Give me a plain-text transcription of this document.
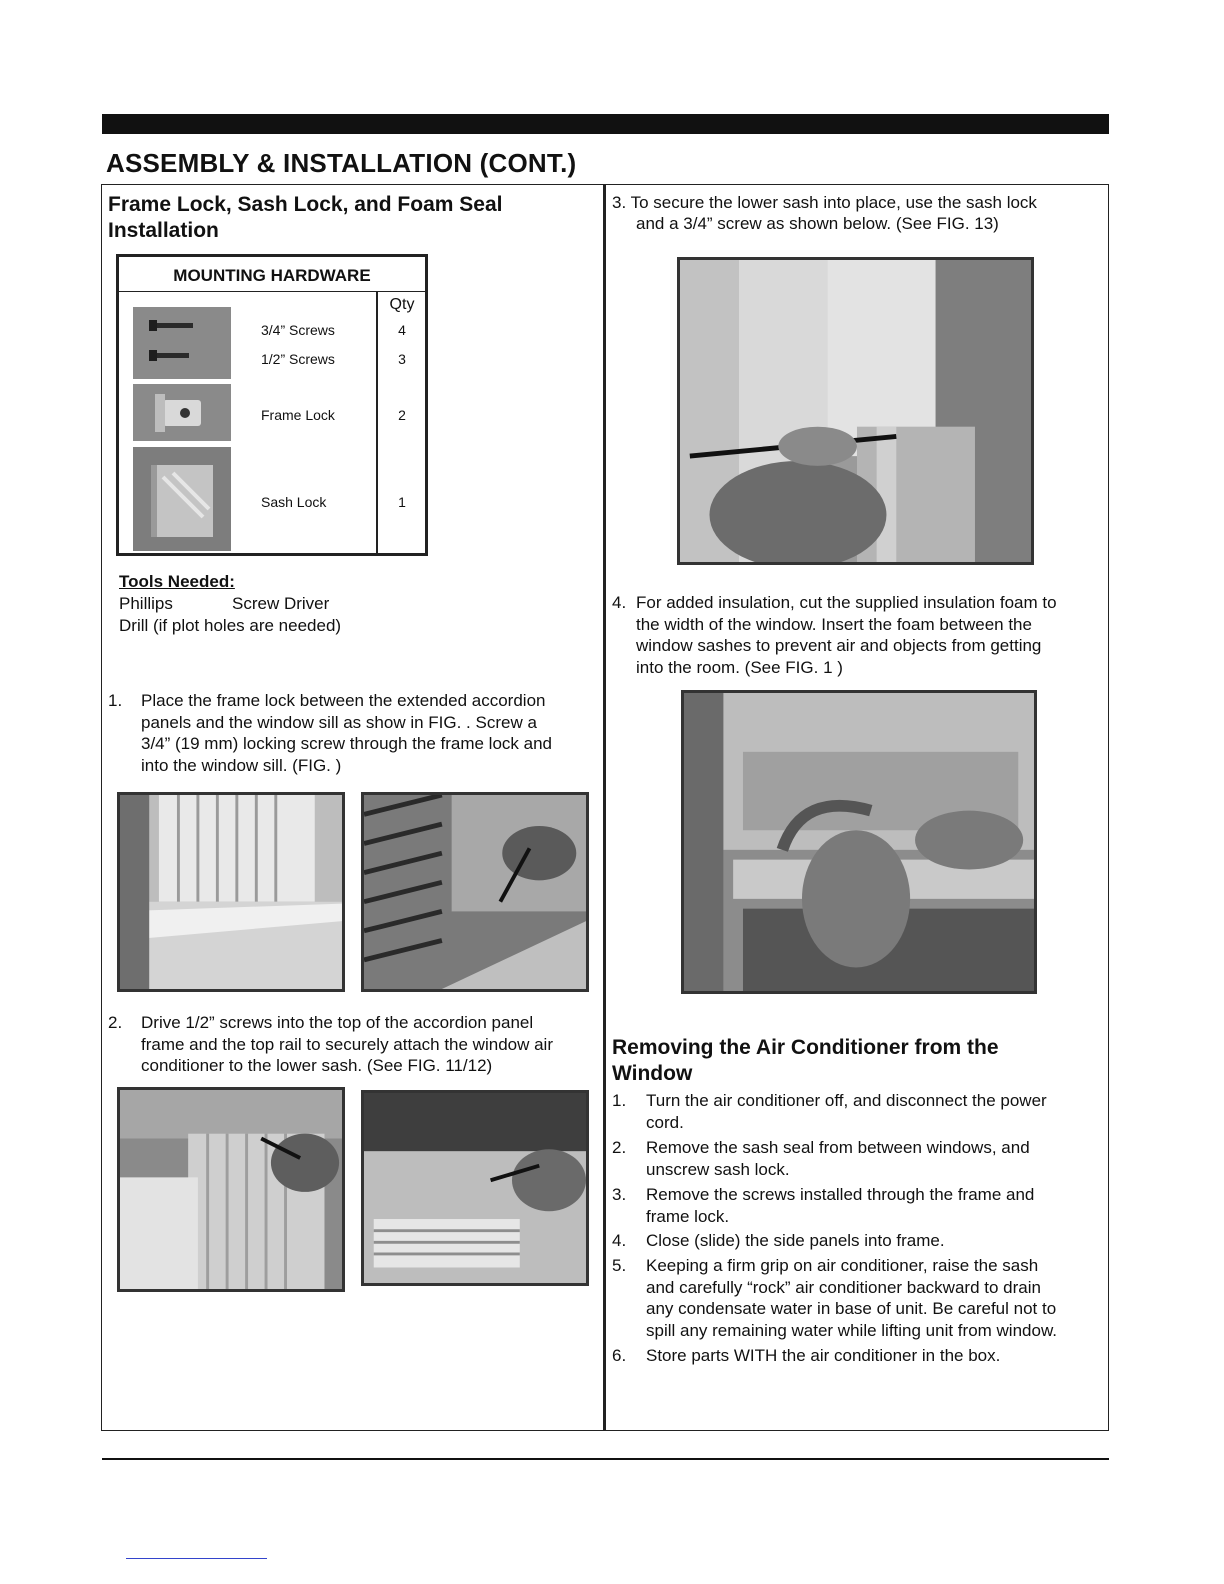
ASSEMBLY & INSTALLATION (CONT.)
Frame Lock, Sash Lock, and Foam Seal
Installation
MOUNTING HARDWARE
Qty
3/4” Screws	4
1/2” Screws	3
Frame Lock	2
Sash Lock	1
Tools Needed:
Phillips	Screw Driver
Drill (if plot holes are needed)
1. Place the frame lock between the extended accordion
panels and the window sill as show in FIG. . Screw a
3/4” (19 mm) locking screw through the frame lock and
into the window sill. (FIG. )
2. Drive 1/2” screws into the top of the accordion panel
frame and the top rail to securely attach the window air
conditioner to the lower sash. (See FIG. 11/12)
3. To secure the lower sash into place, use the sash lock
and a 3/4” screw as shown below. (See FIG. 13)
4. For added insulation, cut the supplied insulation foam to
the width of the window. Insert the foam between the
window sashes to prevent air and objects from getting
into the room. (See FIG. 1 )
Removing the Air Conditioner from the
Window
1. Turn the air conditioner off, and disconnect the power
cord.
2. Remove the sash seal from between windows, and
unscrew sash lock.
3. Remove the screws installed through the frame and
frame lock.
4. Close (slide) the side panels into frame.
5. Keeping a firm grip on air conditioner, raise the sash
and carefully “rock” air conditioner backward to drain
any condensate water in base of unit. Be careful not to
spill any remaining water while lifting unit from window.
6. Store parts WITH the air conditioner in the box.
